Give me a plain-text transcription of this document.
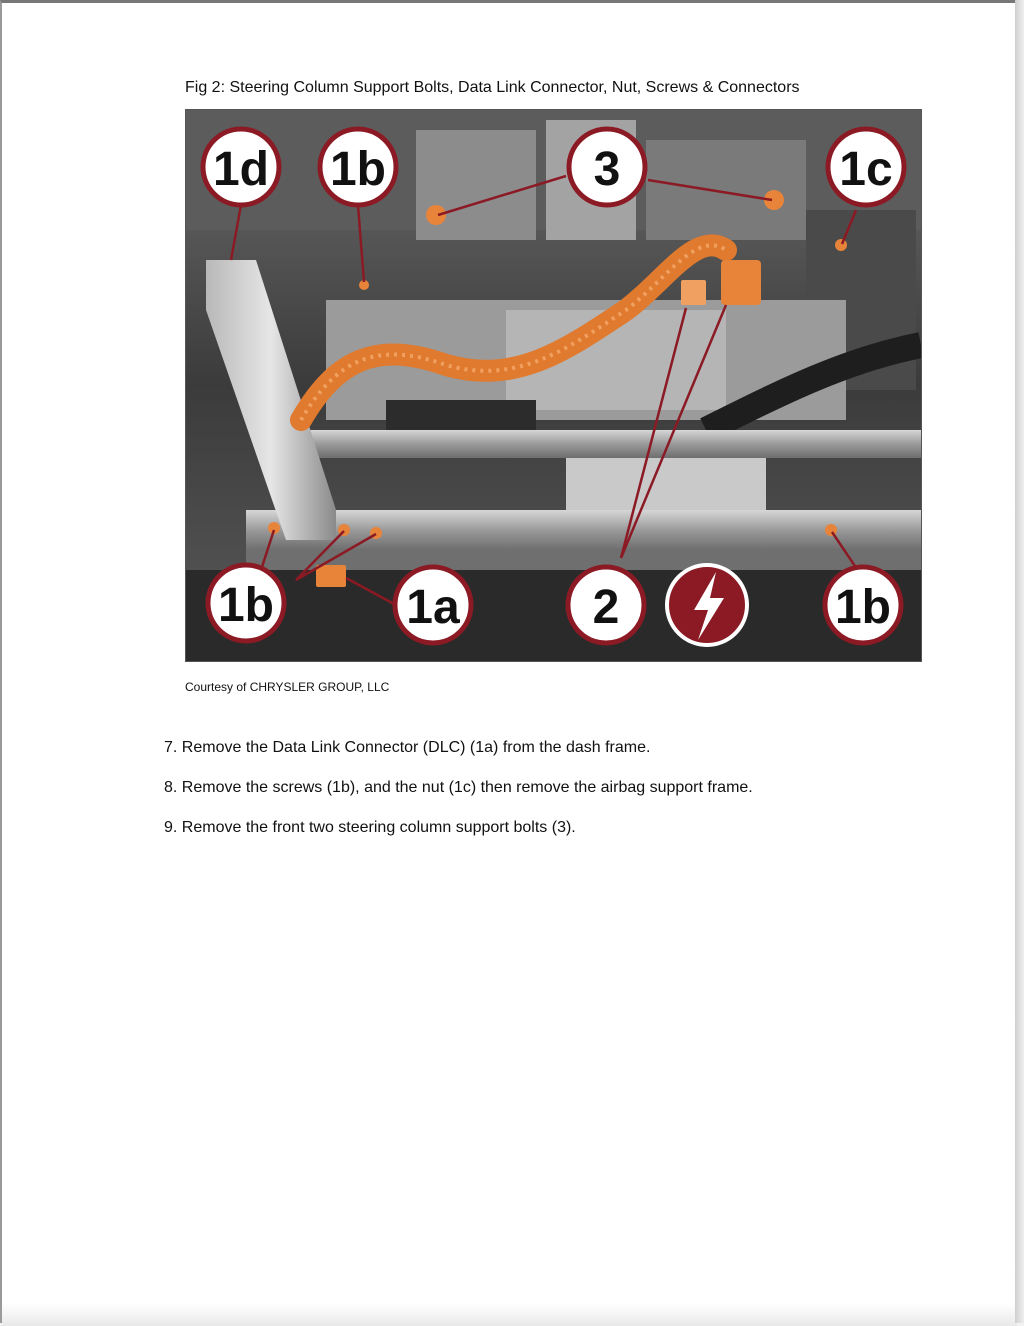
Fig 2: Steering Column Support Bolts, Data Link Connector, Nut, Screws & Connectors
1d 1b	3	1c
1b	1a	2	1b
Courtesy of CHRYSLER GROUP, LLC
7. Remove the Data Link Connector (DLC) (1a) from the dash frame.
8. Remove the screws (1b), and the nut (1c) then remove the airbag support frame.
9. Remove the front two steering column support bolts (3).
